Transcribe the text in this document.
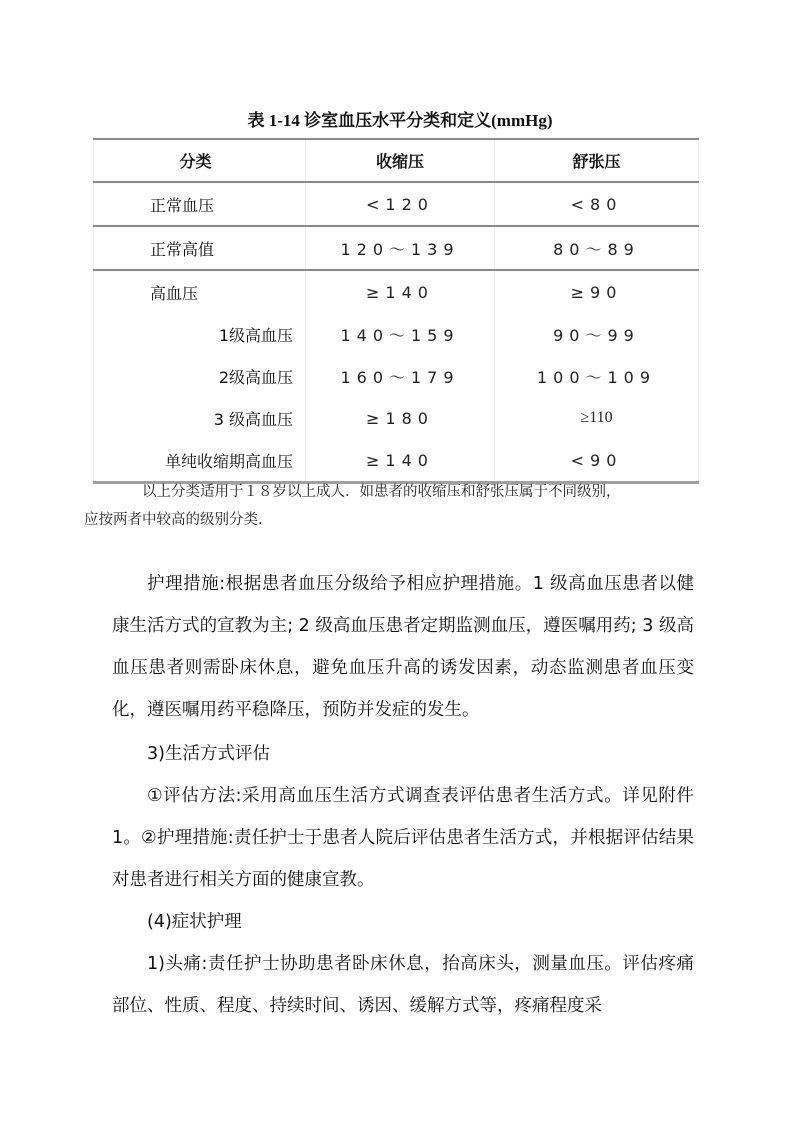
表 1-14 诊室血压水平分类和定义(mmHg)
分类	收缩压	舒张压
正常血压	<120	<80
正常高值	120～139	80～89
高血压	≥140	≥90
1级高血压	140～159	90～99
2级高血压	160～179	100～109
3 级高血压	≥180	≥110
单纯收缩期高血压	≥140	<90
以上分类适用于１８岁以上成人．如患者的收缩压和舒张压属于不同级别，
应按两者中较高的级别分类.

护理措施:根据患者血压分级给予相应护理措施。1 级高血压患者以健康生活方式的宣教为主; 2 级高血压患者定期监测血压，遵医嘱用药; 3 级高血压患者则需卧床休息，避免血压升高的诱发因素，动态监测患者血压变化，遵医嘱用药平稳降压，预防并发症的发生。

3)生活方式评估

①评估方法:采用高血压生活方式调查表评估患者生活方式。详见附件 1。②护理措施:责任护士于患者人院后评估患者生活方式，并根据评估结果对患者进行相关方面的健康宣教。

(4)症状护理

1)头痛:责任护士协助患者卧床休息，抬高床头，测量血压。评估疼痛部位、性质、程度、持续时间、诱因、缓解方式等，疼痛程度采
